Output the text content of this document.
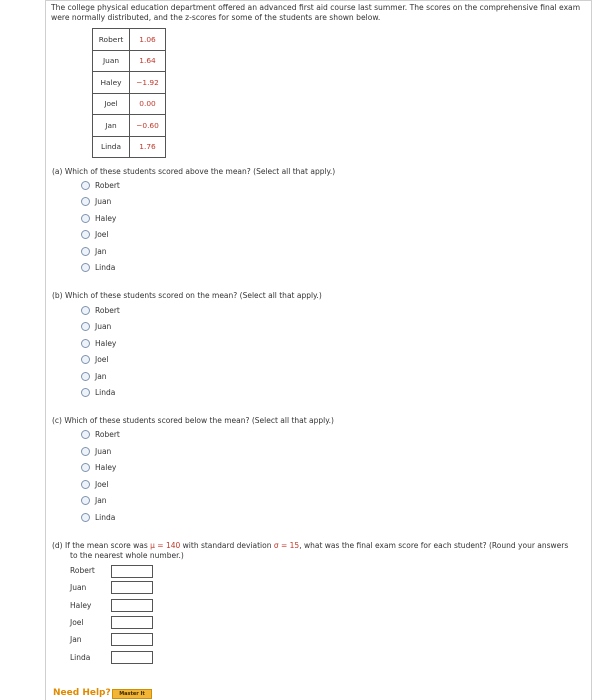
The college physical education department offered an advanced first aid course last summer. The scores on the comprehensive final exam were normally distributed, and the z-scores for some of the students are shown below.
Robert	1.06
Juan	1.64
Haley	−1.92
Joel	0.00
Jan	−0.60
Linda	1.76
(a) Which of these students scored above the mean? (Select all that apply.)
Robert
Juan
Haley
Joel
Jan
Linda
(b) Which of these students scored on the mean? (Select all that apply.)
Robert
Juan
Haley
Joel
Jan
Linda
(c) Which of these students scored below the mean? (Select all that apply.)
Robert
Juan
Haley
Joel
Jan
Linda
(d) If the mean score was μ = 140 with standard deviation σ = 15, what was the final exam score for each student? (Round your answers
to the nearest whole number.)
Robert
Juan
Haley
Joel
Jan
Linda
Need Help?	Master It
